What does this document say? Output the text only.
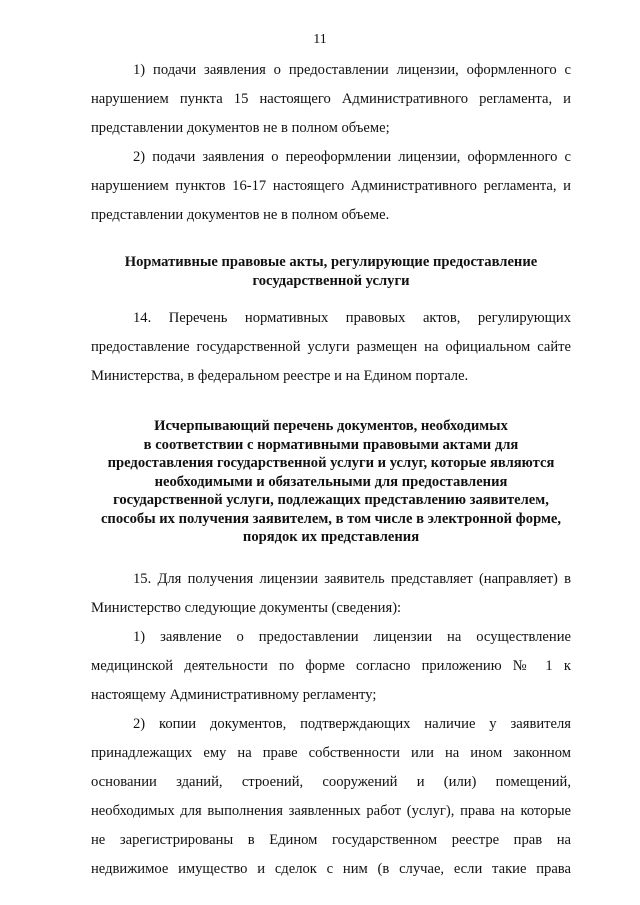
11

1) подачи заявления о предоставлении лицензии, оформленного с

нарушением пункта 15 настоящего Административного регламента, и

представлении документов не в полном объеме;

2) подачи заявления о переоформлении лицензии, оформленного с

нарушением пунктов 16-17 настоящего Административного регламента, и

представлении документов не в полном объеме.

Нормативные правовые акты, регулирующие предоставление
государственной услуги

14. Перечень нормативных правовых актов, регулирующих

предоставление государственной услуги размещен на официальном сайте

Министерства, в федеральном реестре и на Едином портале.

Исчерпывающий перечень документов, необходимых
в соответствии с нормативными правовыми актами для
предоставления государственной услуги и услуг, которые являются
необходимыми и обязательными для предоставления
государственной услуги, подлежащих представлению заявителем,
способы их получения заявителем, в том числе в электронной форме,
порядок их представления

15. Для получения лицензии заявитель представляет (направляет) в

Министерство следующие документы (сведения):

1) заявление о предоставлении лицензии на осуществление

медицинской деятельности по форме согласно приложению № 1 к

настоящему Административному регламенту;

2) копии документов, подтверждающих наличие у заявителя

принадлежащих ему на праве собственности или на ином законном

основании зданий, строений, сооружений и (или) помещений,

необходимых для выполнения заявленных работ (услуг), права на которые

не зарегистрированы в Едином государственном реестре прав на

недвижимое имущество и сделок с ним (в случае, если такие права
